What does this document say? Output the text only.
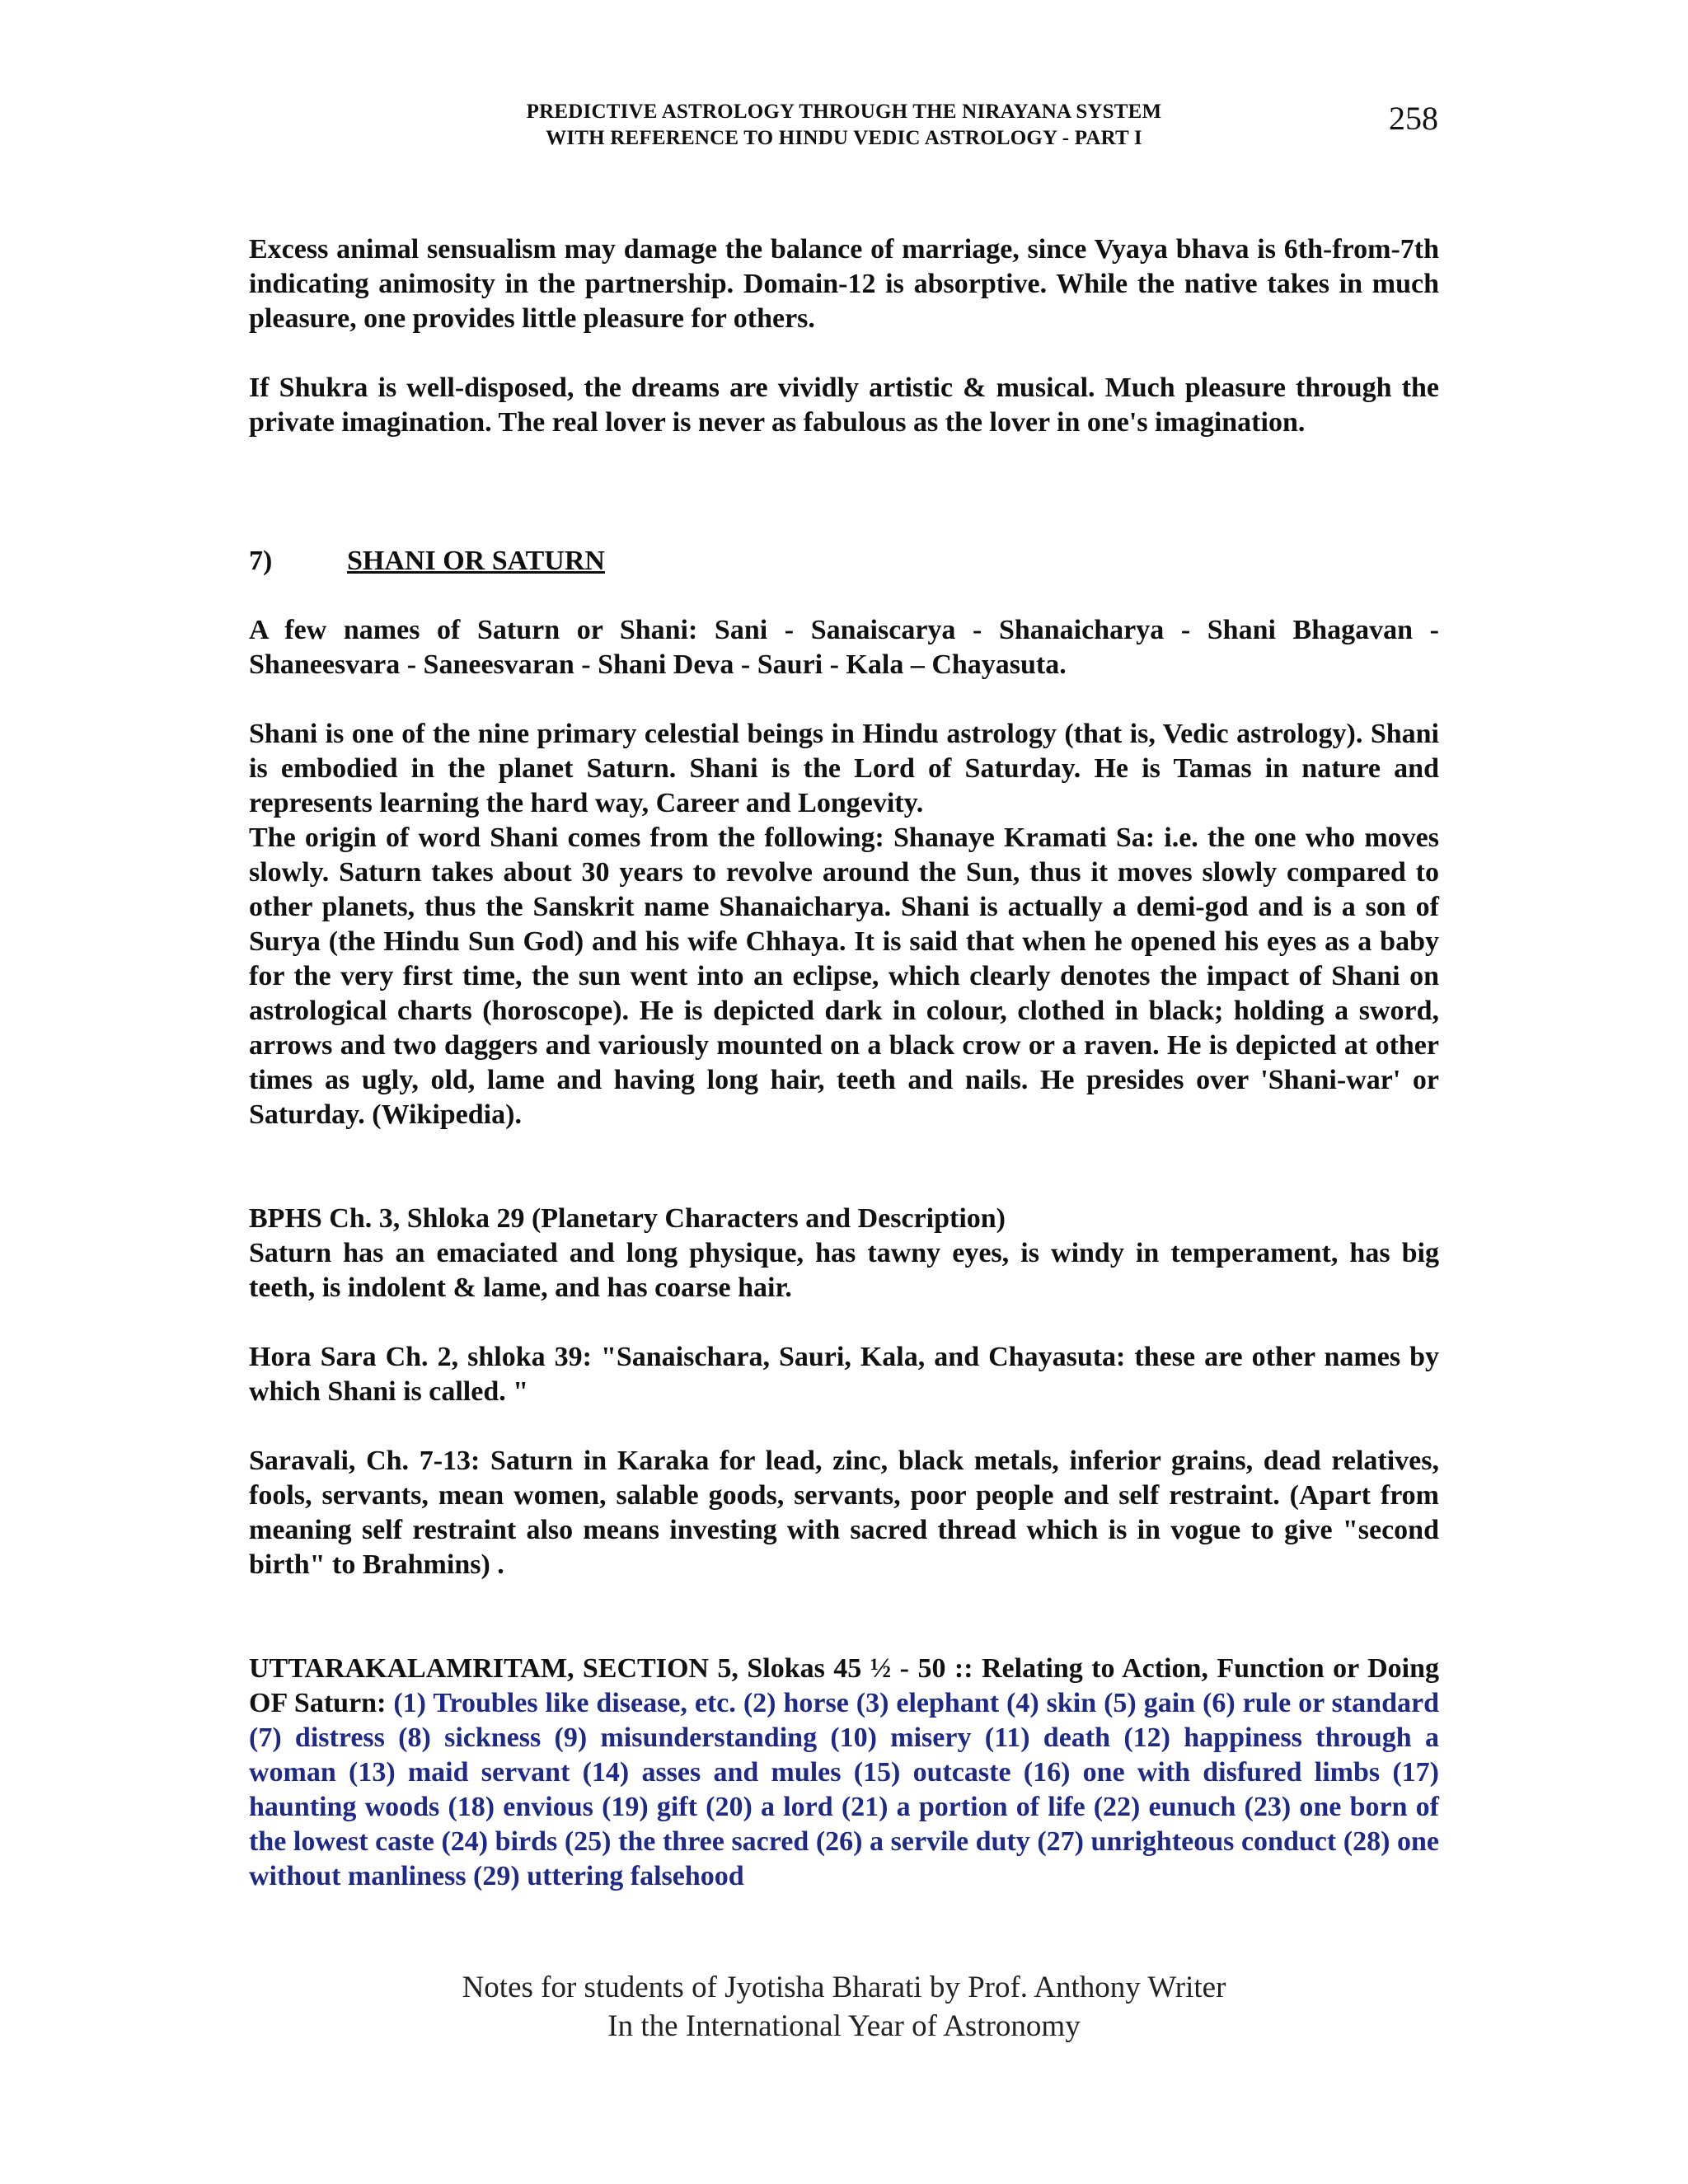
PREDICTIVE ASTROLOGY THROUGH THE NIRAYANA SYSTEM
WITH REFERENCE TO HINDU VEDIC ASTROLOGY - PART I
258

Excess animal sensualism may damage the balance of marriage, since Vyaya bhava is 6th-from-7th indicating animosity in the partnership. Domain-12 is absorptive. While the native takes in much pleasure, one provides little pleasure for others.

If Shukra is well-disposed, the dreams are vividly artistic & musical. Much pleasure through the private imagination. The real lover is never as fabulous as the lover in one's imagination.

7)	SHANI OR SATURN

A few names of Saturn or Shani: Sani - Sanaiscarya - Shanaicharya - Shani Bhagavan - Shaneesvara - Saneesvaran - Shani Deva - Sauri - Kala – Chayasuta.

Shani is one of the nine primary celestial beings in Hindu astrology (that is, Vedic astrology). Shani is embodied in the planet Saturn. Shani is the Lord of Saturday. He is Tamas in nature and represents learning the hard way, Career and Longevity.

The origin of word Shani comes from the following: Shanaye Kramati Sa: i.e. the one who moves slowly. Saturn takes about 30 years to revolve around the Sun, thus it moves slowly compared to other planets, thus the Sanskrit name Shanaicharya. Shani is actually a demi-god and is a son of Surya (the Hindu Sun God) and his wife Chhaya. It is said that when he opened his eyes as a baby for the very first time, the sun went into an eclipse, which clearly denotes the impact of Shani on astrological charts (horoscope). He is depicted dark in colour, clothed in black; holding a sword, arrows and two daggers and variously mounted on a black crow or a raven. He is depicted at other times as ugly, old, lame and having long hair, teeth and nails. He presides over 'Shani-war' or Saturday. (Wikipedia).

BPHS Ch. 3, Shloka 29 (Planetary Characters and Description)

Saturn has an emaciated and long physique, has tawny eyes, is windy in temperament, has big teeth, is indolent & lame, and has coarse hair.

Hora Sara Ch. 2, shloka 39: "Sanaischara, Sauri, Kala, and Chayasuta: these are other names by which Shani is called. "

Saravali, Ch. 7-13: Saturn in Karaka for lead, zinc, black metals, inferior grains, dead relatives, fools, servants, mean women, salable goods, servants, poor people and self restraint. (Apart from meaning self restraint also means investing with sacred thread which is in vogue to give "second birth" to Brahmins) .

UTTARAKALAMRITAM, SECTION 5, Slokas 45 ½ - 50 :: Relating to Action, Function or Doing OF Saturn: (1) Troubles like disease, etc. (2) horse (3) elephant (4) skin (5) gain (6) rule or standard (7) distress (8) sickness (9) misunderstanding (10) misery (11) death (12) happiness through a woman (13) maid servant (14) asses and mules (15) outcaste (16) one with disfured limbs (17) haunting woods (18) envious (19) gift (20) a lord (21) a portion of life (22) eunuch (23) one born of the lowest caste (24) birds (25) the three sacred (26) a servile duty (27) unrighteous conduct (28) one without manliness (29) uttering falsehood

Notes for students of Jyotisha Bharati by Prof. Anthony Writer
In the International Year of Astronomy
